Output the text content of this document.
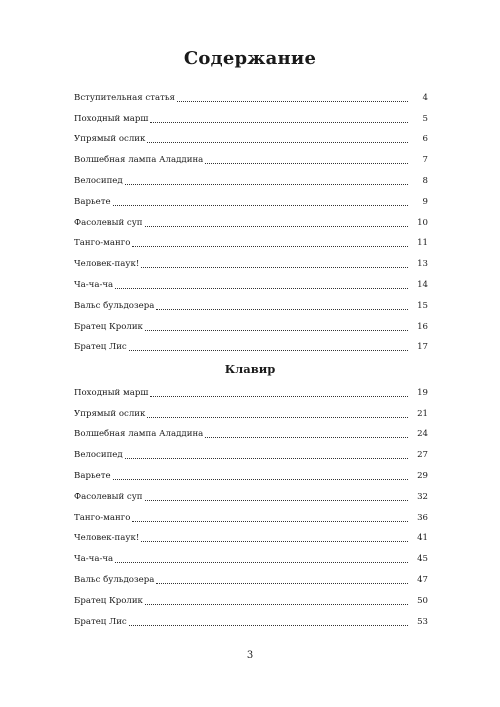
Содержание
Вступительная статья	4
Походный марш	5
Упрямый ослик	6
Волшебная лампа Аладдина	7
Велосипед	8
Варьете	9
Фасолевый суп	10
Танго-манго	11
Человек-паук!	13
Ча-ча-ча	14
Вальс бульдозера	15
Братец Кролик	16
Братец Лис	17
Клавир
Походный марш	19
Упрямый ослик	21
Волшебная лампа Аладдина	24
Велосипед	27
Варьете	29
Фасолевый суп	32
Танго-манго	36
Человек-паук!	41
Ча-ча-ча	45
Вальс бульдозера	47
Братец Кролик	50
Братец Лис	53
3
